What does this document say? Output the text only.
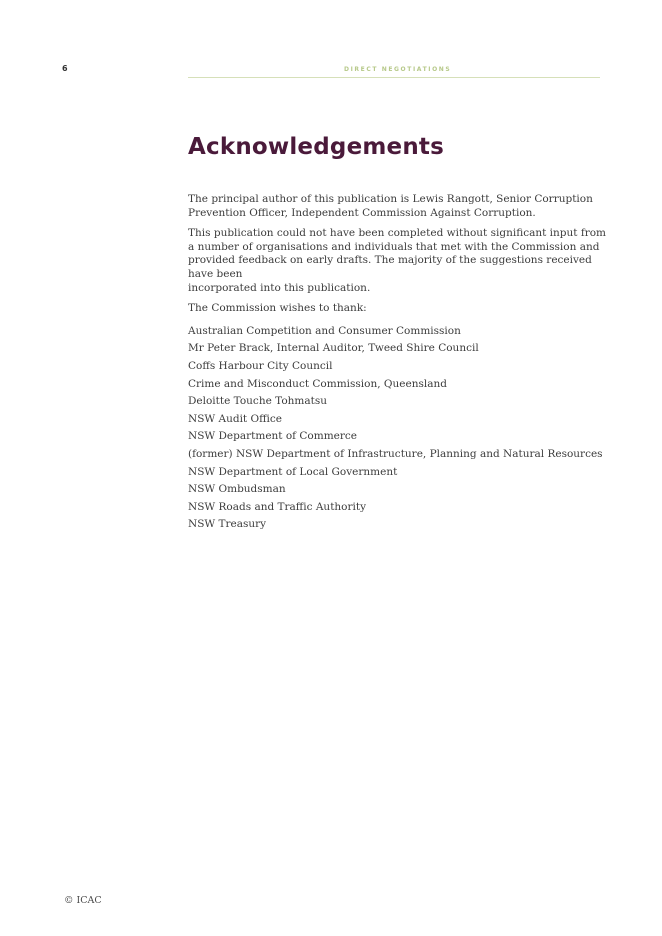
6	DIRECT NEGOTIATIONS
Acknowledgements

The principal author of this publication is Lewis Rangott, Senior Corruption
Prevention Officer, Independent Commission Against Corruption.

This publication could not have been completed without significant input from
a number of organisations and individuals that met with the Commission and
provided feedback on early drafts. The majority of the suggestions received have been
incorporated into this publication.

The Commission wishes to thank:

Australian Competition and Consumer Commission
Mr Peter Brack, Internal Auditor, Tweed Shire Council
Coffs Harbour City Council
Crime and Misconduct Commission, Queensland
Deloitte Touche Tohmatsu
NSW Audit Office
NSW Department of Commerce
(former) NSW Department of Infrastructure, Planning and Natural Resources
NSW Department of Local Government
NSW Ombudsman
NSW Roads and Traffic Authority
NSW Treasury
© ICAC
